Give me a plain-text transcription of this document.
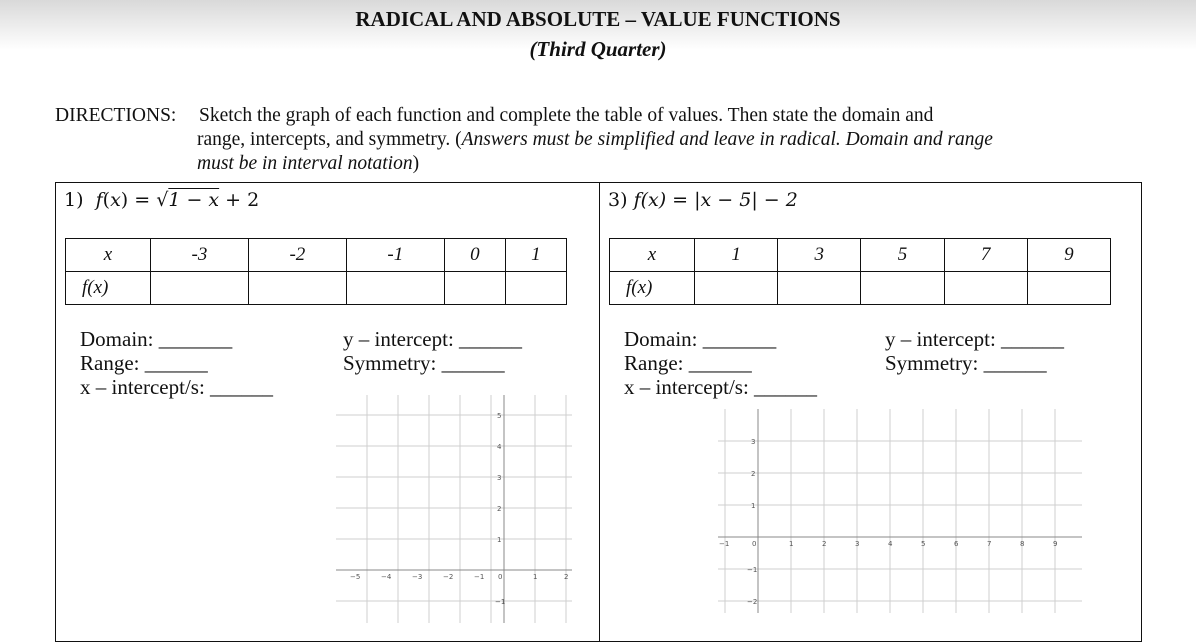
RADICAL AND ABSOLUTE – VALUE FUNCTIONS
(Third Quarter)
DIRECTIONS: Sketch the graph of each function and complete the table of values. Then state the domain and
range, intercepts, and symmetry. (Answers must be simplified and leave in radical. Domain and range
must be in interval notation)
1) f(x) = √1 − x + 2
x	-3	-2	-1	0	1
f(x)					
Domain: _______
Range: ______
x – intercept/s: ______
y – intercept: ______
Symmetry: ______
−5	−4	−3	−2	−1 0	1	2
5
4
3
2
1
−1
3) f(x) = |x − 5| − 2
x	1	3	5	7	9
f(x)					
Domain: _______
Range: ______
x – intercept/s: ______
y – intercept: ______
Symmetry: ______
−1	0	1	2	3	4	5	6	7	8	9
3
2
1
−1
−2
